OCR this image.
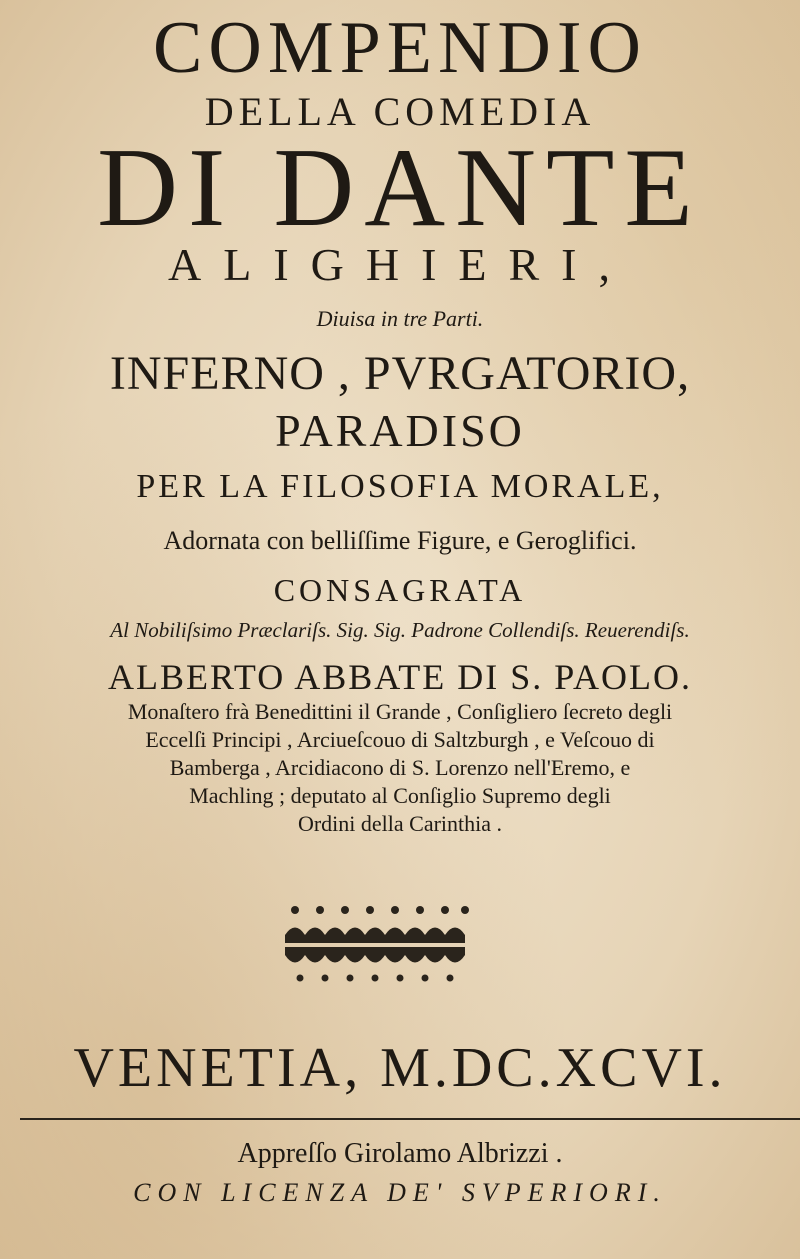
COMPENDIO
DELLA COMEDIA
DI DANTE
ALIGHIERI,
Diuisa in tre Parti.
INFERNO , PVRGATORIO,
PARADISO
PER LA FILOSOFIA MORALE,
Adornata con belliſſime Figure, e Geroglifici.
CONSAGRATA
Al Nobiliſsimo Præclariſs. Sig. Sig. Padrone Collendiſs. Reuerendiſs.
ALBERTO ABBATE DI S. PAOLO.
Monaſtero frà Benedittini il Grande , Conſigliero ſecreto degli
Eccelſi Principi , Arciueſcouo di Saltzburgh , e Veſcouo di
Bamberga , Arcidiacono di S. Lorenzo nell'Eremo, e
Machling ; deputato al Conſiglio Supremo degli
Ordini della Carinthia .
VENETIA, M.DC.XCVI.
Appreſſo Girolamo Albrizzi .
CON LICENZA DE' SVPERIORI.
